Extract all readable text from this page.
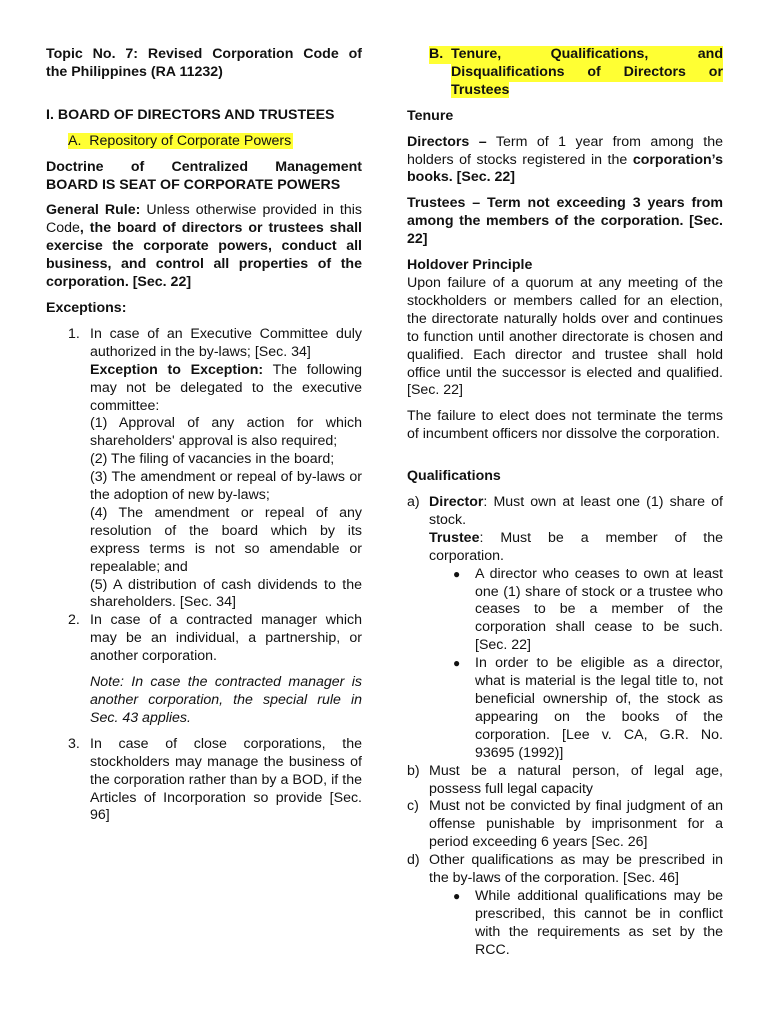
Topic No. 7: Revised Corporation Code of

the Philippines (RA 11232)

I. BOARD OF DIRECTORS AND TRUSTEES

A. Repository of Corporate Powers

Doctrine of Centralized Management

BOARD IS SEAT OF CORPORATE POWERS

General Rule: Unless otherwise provided in this Code, the board of directors or trustees shall exercise the corporate powers, conduct all business, and control all properties of the corporation. [Sec. 22]

Exceptions:

1. In case of an Executive Committee duly authorized in the by-laws; [Sec. 34]

Exception to Exception: The following may not be delegated to the executive committee:

(1) Approval of any action for which shareholders' approval is also required;

(2) The filing of vacancies in the board;

(3) The amendment or repeal of by-laws or the adoption of new by-laws;

(4) The amendment or repeal of any resolution of the board which by its express terms is not so amendable or repealable; and

(5) A distribution of cash dividends to the shareholders. [Sec. 34]

2. In case of a contracted manager which may be an individual, a partnership, or another corporation.

Note: In case the contracted manager is another corporation, the special rule in Sec. 43 applies.

3. In case of close corporations, the stockholders may manage the business of the corporation rather than by a BOD, if the Articles of Incorporation so provide [Sec. 96]

B. Tenure, Qualifications, and

Disqualifications of Directors or

Trustees

Tenure

Directors – Term of 1 year from among the holders of stocks registered in the corporation’s books. [Sec. 22]

Trustees – Term not exceeding 3 years from among the members of the corporation. [Sec. 22]

Holdover Principle

Upon failure of a quorum at any meeting of the stockholders or members called for an election, the directorate naturally holds over and continues to function until another directorate is chosen and qualified. Each director and trustee shall hold office until the successor is elected and qualified. [Sec. 22]

The failure to elect does not terminate the terms of incumbent officers nor dissolve the corporation.

Qualifications

a) Director: Must own at least one (1) share of stock.

Trustee: Must be a member of the corporation.

● A director who ceases to own at least one (1) share of stock or a trustee who ceases to be a member of the corporation shall cease to be such. [Sec. 22]

● In order to be eligible as a director, what is material is the legal title to, not beneficial ownership of, the stock as appearing on the books of the corporation. [Lee v. CA, G.R. No. 93695 (1992)]

b) Must be a natural person, of legal age, possess full legal capacity

c) Must not be convicted by final judgment of an offense punishable by imprisonment for a period exceeding 6 years [Sec. 26]

d) Other qualifications as may be prescribed in the by-laws of the corporation. [Sec. 46]

● While additional qualifications may be prescribed, this cannot be in conflict with the requirements as set by the RCC.
